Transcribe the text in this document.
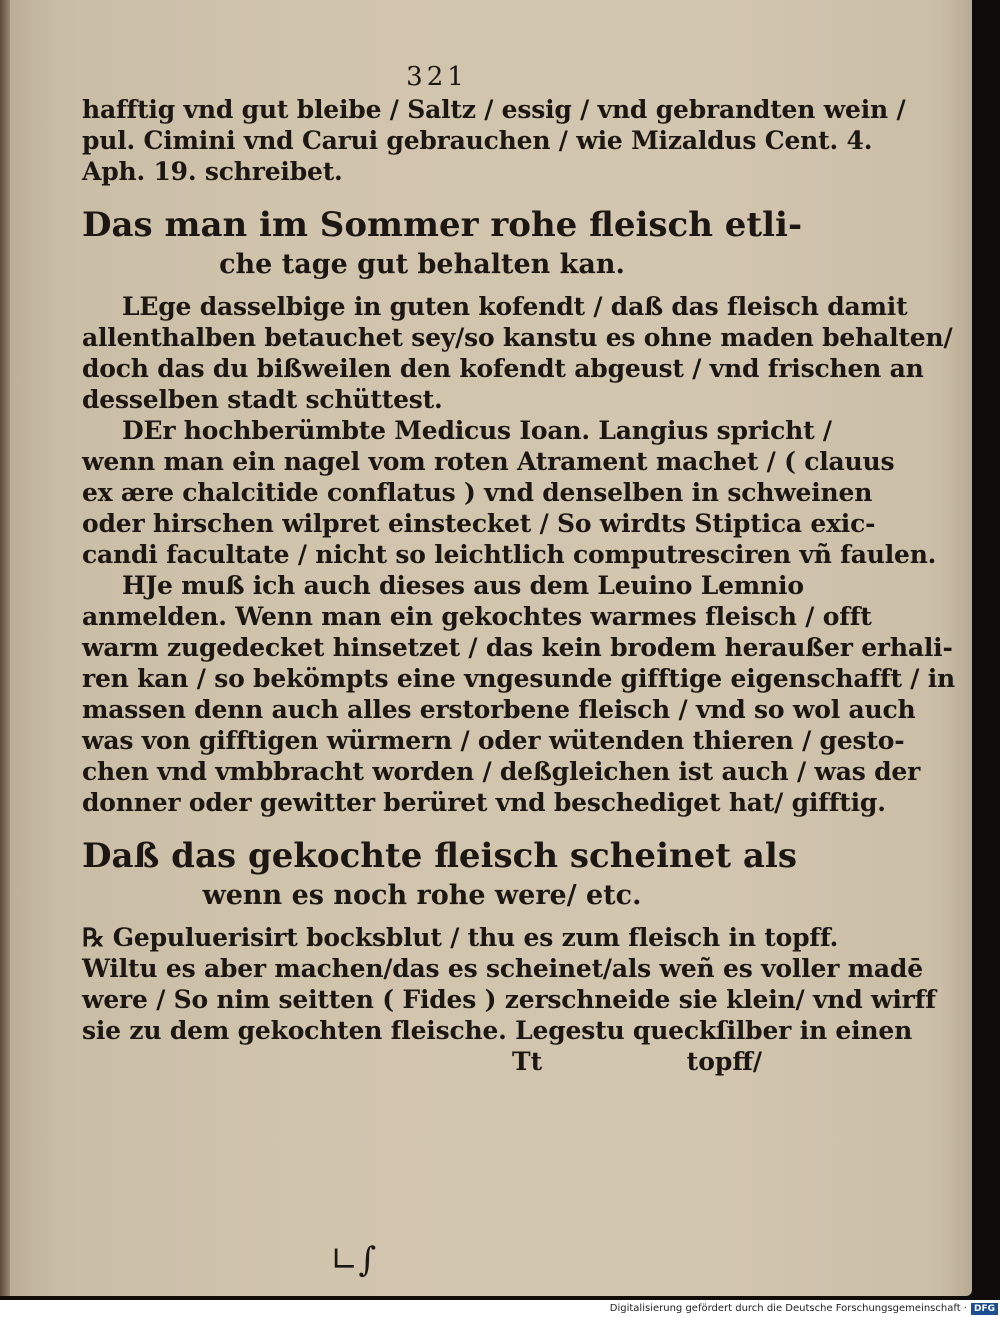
321
hafftig vnd gut bleibe / Saltz / essig / vnd gebrandten wein /
pul. Cimini vnd Carui gebrauchen / wie Mizaldus Cent. 4.
Aph. 19. schreibet.
Das man im Sommer rohe fleisch etli-
che tage gut behalten kan.
LEge dasselbige in guten kofendt / daß das fleisch damit
allenthalben betauchet sey/so kanstu es ohne maden behalten/
doch das du bißweilen den kofendt abgeust / vnd frischen an
desselben stadt schüttest.
DEr hochberümbte Medicus Ioan. Langius spricht /
wenn man ein nagel vom roten Atrament machet / ( clauus
ex ære chalcitide conflatus ) vnd denselben in schweinen
oder hirschen wilpret einstecket / So wirdts Stiptica exic-
candi facultate / nicht so leichtlich computresciren vñ faulen.
HJe muß ich auch dieses aus dem Leuino Lemnio
anmelden. Wenn man ein gekochtes warmes fleisch / offt
warm zugedecket hinsetzet / das kein brodem heraußer erhali-
ren kan / so bekömpts eine vngesunde gifftige eigenschafft / in
massen denn auch alles erstorbene fleisch / vnd so wol auch
was von gifftigen würmern / oder wütenden thieren / gesto-
chen vnd vmbbracht worden / deßgleichen ist auch / was der
donner oder gewitter berüret vnd beschediget hat/ gifftig.
Daß das gekochte fleisch scheinet als
wenn es noch rohe were/ etc.
℞ Gepuluerisirt bocksblut / thu es zum fleisch in topff.
Wiltu es aber machen/das es scheinet/als weñ es voller madē
were / So nim seitten ( Fides ) zerschneide sie klein/ vnd wirff
sie zu dem gekochten fleische. Legestu queckſilber in einen
Tt	topff/
∟∫
Digitalisierung gefördert durch die Deutsche Forschungsgemeinschaft · DFG
